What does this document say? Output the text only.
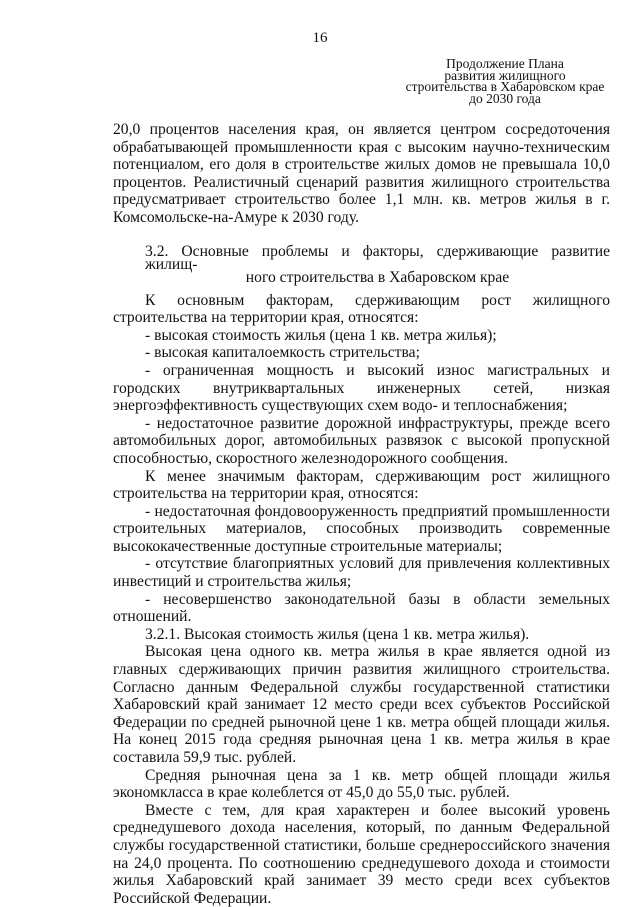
16
Продолжение Плана
развития жилищного
строительства в Хабаровском крае
до 2030 года

20,0 процентов населения края, он является центром сосредоточения обрабатывающей промышленности края с высоким научно-техническим потенциалом, его доля в строительстве жилых домов не превышала 10,0 процентов. Реалистичный сценарий развития жилищного строительства предусматривает строительство более 1,1 млн. кв. метров жилья в г. Комсомольске-на-Амуре к 2030 году.

3.2. Основные проблемы и факторы, сдерживающие развитие жилищ-
ного строительства в Хабаровском крае

К основным факторам, сдерживающим рост жилищного строительства на территории края, относятся:

- высокая стоимость жилья (цена 1 кв. метра жилья);

- высокая капиталоемкость стрительства;

- ограниченная мощность и высокий износ магистральных и городских внутриквартальных инженерных сетей, низкая энергоэффективность существующих схем водо- и теплоснабжения;

- недостаточное развитие дорожной инфраструктуры, прежде всего автомобильных дорог, автомобильных развязок с высокой пропускной способностью, скоростного железнодорожного сообщения.

К менее значимым факторам, сдерживающим рост жилищного строительства на территории края, относятся:

- недостаточная фондовооруженность предприятий промышленности строительных материалов, способных производить современные высококачественные доступные строительные материалы;

- отсутствие благоприятных условий для привлечения коллективных инвестиций и строительства жилья;

- несовершенство законодательной базы в области земельных отношений.

3.2.1. Высокая стоимость жилья (цена 1 кв. метра жилья).

Высокая цена одного кв. метра жилья в крае является одной из главных сдерживающих причин развития жилищного строительства. Согласно данным Федеральной службы государственной статистики Хабаровский край занимает 12 место среди всех субъектов Российской Федерации по средней рыночной цене 1 кв. метра общей площади жилья. На конец 2015 года средняя рыночная цена 1 кв. метра жилья в крае составила 59,9 тыс. рублей.

Средняя рыночная цена за 1 кв. метр общей площади жилья экономкласса в крае колеблется от 45,0 до 55,0 тыс. рублей.

Вместе с тем, для края характерен и более высокий уровень среднедушевого дохода населения, который, по данным Федеральной службы государственной статистики, больше среднероссийского значения на 24,0 процента. По соотношению среднедушевого дохода и стоимости жилья Хабаровский край занимает 39 место среди всех субъектов Российской Федерации.
